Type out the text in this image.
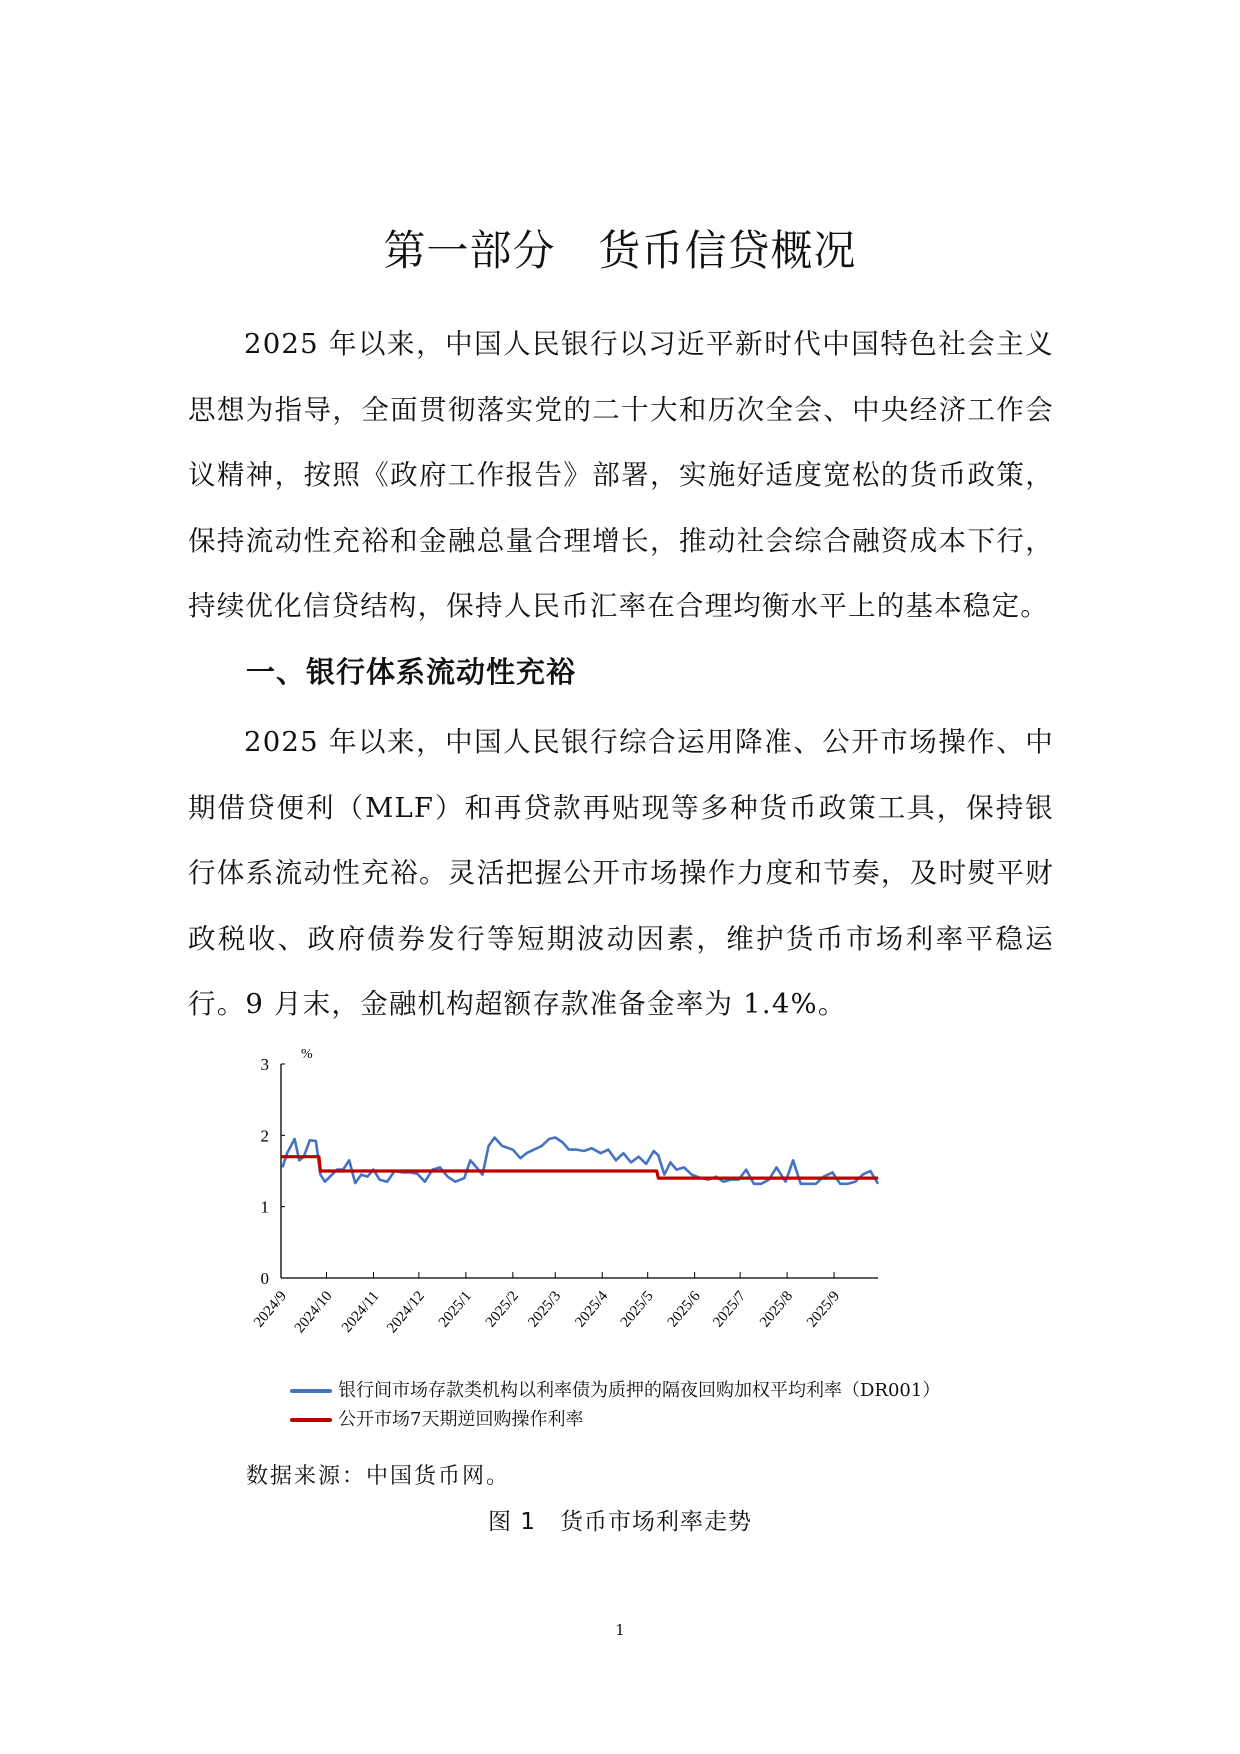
第一部分　货币信贷概况

2025 年以来，中国人民银行以习近平新时代中国特色社会主义思想为指导，全面贯彻落实党的二十大和历次全会、中央经济工作会议精神，按照《政府工作报告》部署，实施好适度宽松的货币政策，保持流动性充裕和金融总量合理增长，推动社会综合融资成本下行，持续优化信贷结构，保持人民币汇率在合理均衡水平上的基本稳定。

一、银行体系流动性充裕

2025 年以来，中国人民银行综合运用降准、公开市场操作、中期借贷便利（MLF）和再贷款再贴现等多种货币政策工具，保持银行体系流动性充裕。灵活把握公开市场操作力度和节奏，及时熨平财政税收、政府债券发行等短期波动因素，维护货币市场利率平稳运行。9 月末，金融机构超额存款准备金率为 1.4%。

0
1
2
3
%
2024/9 2024/10 2024/11 2024/12 2025/1 2025/2 2025/3 2025/4 2025/5 2025/6 2025/7 2025/8 2025/9
银行间市场存款类机构以利率债为质押的隔夜回购加权平均利率（DR001）
公开市场7天期逆回购操作利率
数据来源：中国货币网。
图 1　货币市场利率走势
1
